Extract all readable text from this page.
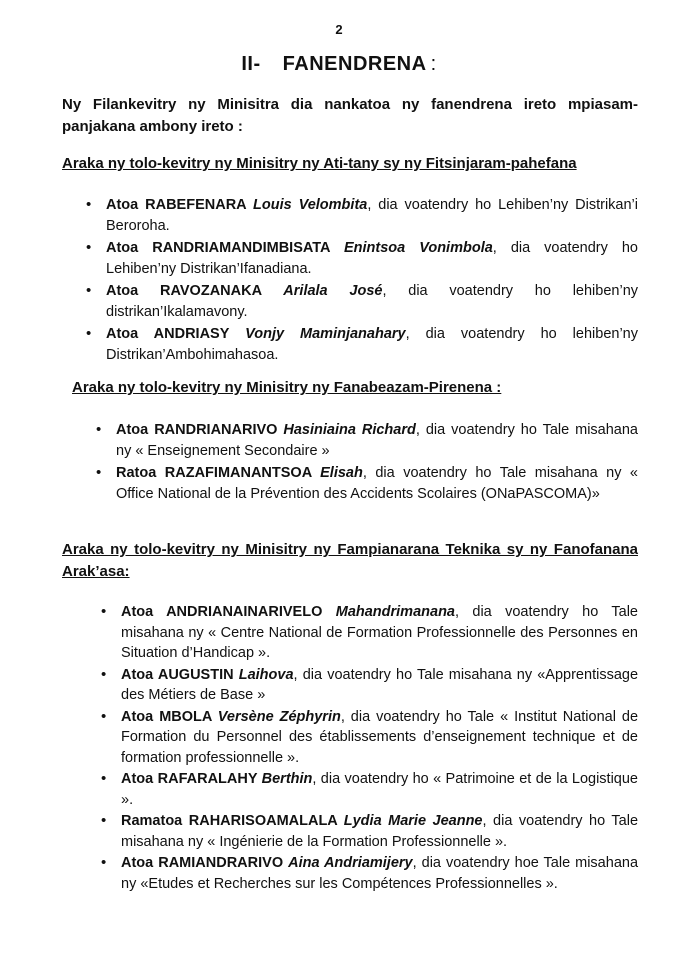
2
II- FANENDRENA :
Ny Filankevitry ny Minisitra dia nankatoa ny fanendrena ireto mpiasam-panjakana ambony ireto :
Araka ny tolo-kevitry ny Minisitry ny Ati-tany sy ny Fitsinjaram-pahefana
• Atoa RABEFENARA Louis Velombita, dia voatendry ho Lehiben’ny Distrikan’i Beroroha.
• Atoa RANDRIAMANDIMBISATA Enintsoa Vonimbola, dia voatendry ho Lehiben’ny Distrikan’Ifanadiana.
• Atoa RAVOZANAKA Arilala José, dia voatendry ho lehiben’ny distrikan’Ikalamavony.
• Atoa ANDRIASY Vonjy Maminjanahary, dia voatendry ho lehiben’ny Distrikan’Ambohimahasoa.
Araka ny tolo-kevitry ny Minisitry ny Fanabeazam-Pirenena :
• Atoa RANDRIANARIVO Hasiniaina Richard, dia voatendry ho Tale misahana ny « Enseignement Secondaire »
• Ratoa RAZAFIMANANTSOA Elisah, dia voatendry ho Tale misahana ny « Office National de la Prévention des Accidents Scolaires (ONaPASCOMA)»
Araka ny tolo-kevitry ny Minisitry ny Fampianarana Teknika sy ny Fanofanana Arak’asa:
• Atoa ANDRIANAINARIVELO Mahandrimanana, dia voatendry ho Tale misahana ny « Centre National de Formation Professionnelle des Personnes en Situation d’Handicap ».
• Atoa AUGUSTIN Laihova, dia voatendry ho Tale misahana ny «Apprentissage des Métiers de Base »
• Atoa MBOLA Versène Zéphyrin, dia voatendry ho Tale « Institut National de Formation du Personnel des établissements d’enseignement technique et de formation professionnelle ».
• Atoa RAFARALAHY Berthin, dia voatendry ho « Patrimoine et de la Logistique ».
• Ramatoa RAHARISOAMALALA Lydia Marie Jeanne, dia voatendry ho Tale misahana ny « Ingénierie de la Formation Professionnelle ».
• Atoa RAMIANDRARIVO Aina Andriamijery, dia voatendry hoe Tale misahana ny «Etudes et Recherches sur les Compétences Professionnelles ».
